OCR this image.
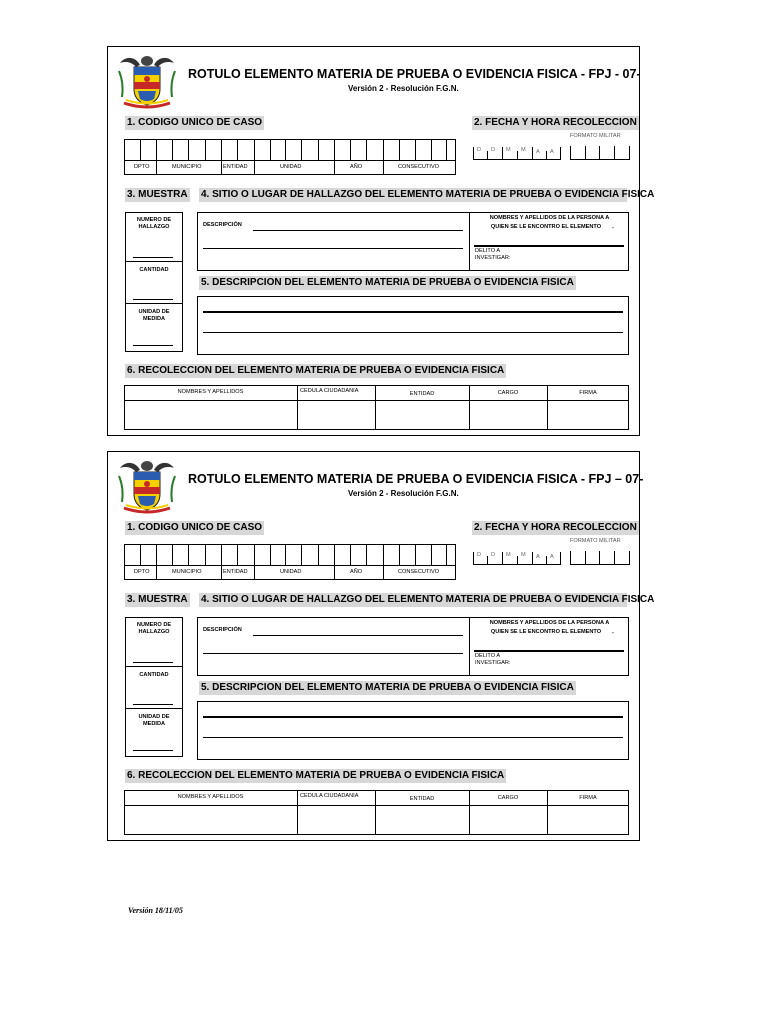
ROTULO ELEMENTO MATERIA DE PRUEBA O EVIDENCIA FISICA - FPJ - 07-
Versión 2 - Resolución F.G.N.
1. CODIGO UNICO DE CASO
DPTO	MUNICIPIO	ENTIDAD	UNIDAD	AÑO	CONSECUTIVO
2. FECHA Y HORA RECOLECCION
FORMATO MILITAR
D D M M A A
3. MUESTRA 4. SITIO O LUGAR DE HALLAZGO DEL ELEMENTO MATERIA DE PRUEBA O EVIDENCIA FISICA
NUMERO DE
HALLAZGO
CANTIDAD
UNIDAD DE
MEDIDA
DESCRIPCIÓN
NOMBRES Y APELLIDOS DE LA PERSONA A
QUIEN SE LE ENCONTRO EL ELEMENTO	-
DELITO A
INVESTIGAR:
5. DESCRIPCION DEL ELEMENTO MATERIA DE PRUEBA O EVIDENCIA FISICA
6. RECOLECCION DEL ELEMENTO MATERIA DE PRUEBA O EVIDENCIA FISICA
NOMBRES Y APELLIDOS	CEDULA CIUDADANIA	ENTIDAD	CARGO	FIRMA
ROTULO ELEMENTO MATERIA DE PRUEBA O EVIDENCIA FISICA - FPJ – 07-
Versión 2 - Resolución F.G.N.
1. CODIGO UNICO DE CASO
DPTO	MUNICIPIO	ENTIDAD	UNIDAD	AÑO	CONSECUTIVO
2. FECHA Y HORA RECOLECCION
FORMATO MILITAR
D D M M A A
3. MUESTRA 4. SITIO O LUGAR DE HALLAZGO DEL ELEMENTO MATERIA DE PRUEBA O EVIDENCIA FISICA
NUMERO DE
HALLAZGO
CANTIDAD
UNIDAD DE
MEDIDA
DESCRIPCIÓN
NOMBRES Y APELLIDOS DE LA PERSONA A
QUIEN SE LE ENCONTRO EL ELEMENTO	-
DELITO A
INVESTIGAR:
5. DESCRIPCION DEL ELEMENTO MATERIA DE PRUEBA O EVIDENCIA FISICA
6. RECOLECCION DEL ELEMENTO MATERIA DE PRUEBA O EVIDENCIA FISICA
NOMBRES Y APELLIDOS	CEDULA CIUDADANIA	ENTIDAD	CARGO	FIRMA
Versión 18/11/05
